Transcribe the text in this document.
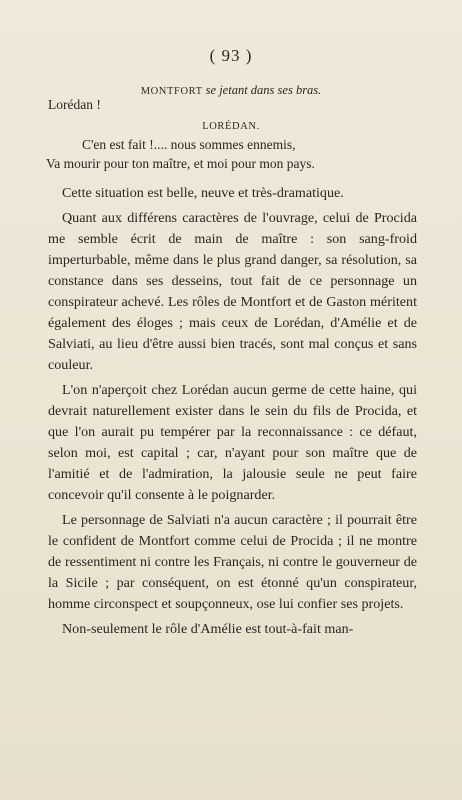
( 93 )
MONTFORT se jetant dans ses bras.
Lorédan !
LORÉDAN.
C'en est fait !.... nous sommes ennemis,
Va mourir pour ton maître, et moi pour mon pays.

Cette situation est belle, neuve et très-dramatique.

Quant aux différens caractères de l'ouvrage, celui de Procida me semble écrit de main de maître : son sang-froid imperturbable, même dans le plus grand danger, sa résolution, sa constance dans ses desseins, tout fait de ce personnage un conspirateur achevé. Les rôles de Montfort et de Gaston méritent également des éloges ; mais ceux de Lorédan, d'Amélie et de Salviati, au lieu d'être aussi bien tracés, sont mal conçus et sans couleur.

L'on n'aperçoit chez Lorédan aucun germe de cette haine, qui devrait naturellement exister dans le sein du fils de Procida, et que l'on aurait pu tempérer par la reconnaissance : ce défaut, selon moi, est capital ; car, n'ayant pour son maître que de l'amitié et de l'admiration, la jalousie seule ne peut faire concevoir qu'il consente à le poignarder.

Le personnage de Salviati n'a aucun caractère ; il pourrait être le confident de Montfort comme celui de Procida ; il ne montre de ressentiment ni contre les Français, ni contre le gouverneur de la Sicile ; par conséquent, on est étonné qu'un conspirateur, homme circonspect et soupçonneux, ose lui confier ses projets.

Non-seulement le rôle d'Amélie est tout-à-fait man-
